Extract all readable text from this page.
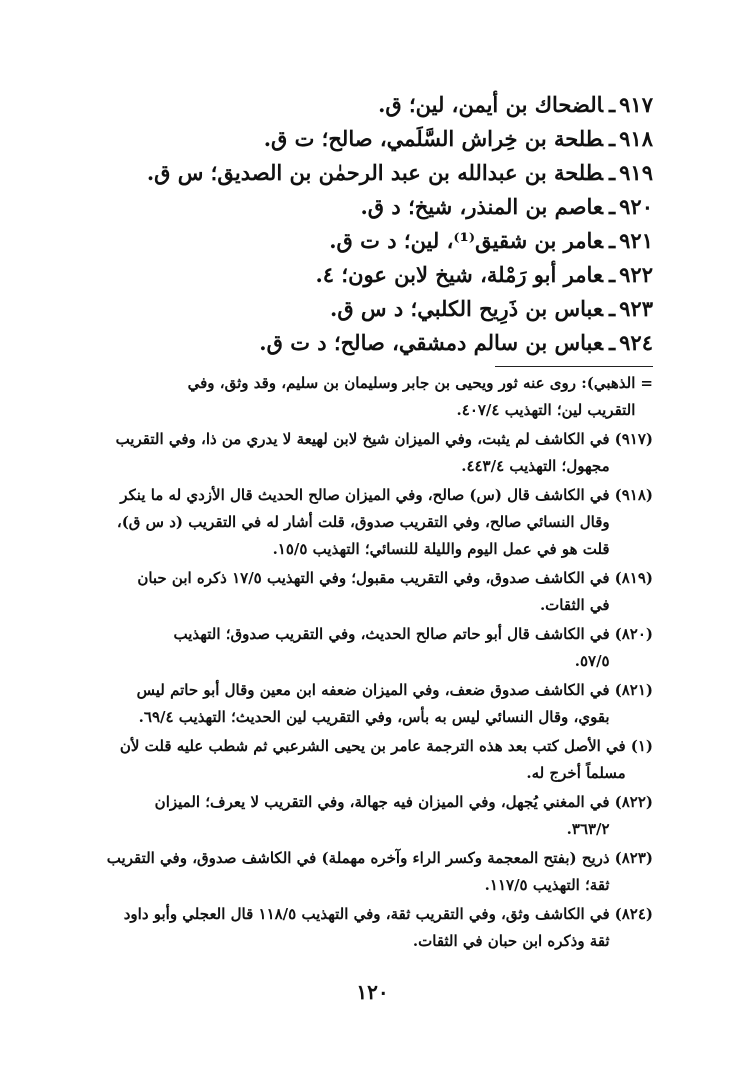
٩١٧ـالضحاك بن أيمن، لين؛ ق.
٩١٨ـطلحة بن خِراش السَّلَمي، صالح؛ ت ق.
٩١٩ـطلحة بن عبدالله بن عبد الرحمٰن بن الصديق؛ س ق.
٩٢٠ـعاصم بن المنذر، شيخ؛ د ق.
٩٢١ـعامر بن شقيق⁽¹⁾، لين؛ د ت ق.
٩٢٢ـعامر أبو رَمْلة، شيخ لابن عون؛ ٤.
٩٢٣ـعباس بن ذَرِيح الكلبي؛ د س ق.
٩٢٤ـعباس بن سالم دمشقي، صالح؛ د ت ق.
=
الذهبي): روى عنه ثور ويحيى بن جابر وسليمان بن سليم، وقد وثق، وفي
التقريب لين؛ التهذيب ٤٠٧/٤.
(٩١٧)
في الكاشف لم يثبت، وفي الميزان شيخ لابن لهيعة لا يدري من ذا، وفي التقريب
مجهول؛ التهذيب ٤٤٣/٤.
(٩١٨)
في الكاشف قال (س) صالح، وفي الميزان صالح الحديث قال الأزدي له ما ينكر
وقال النسائي صالح، وفي التقريب صدوق، قلت أشار له في التقريب (د س ق)،
قلت هو في عمل اليوم والليلة للنسائي؛ التهذيب ١٥/٥.
(٨١٩)
في الكاشف صدوق، وفي التقريب مقبول؛ وفي التهذيب ١٧/٥ ذكره ابن حبان
في الثقات.
(٨٢٠)
في الكاشف قال أبو حاتم صالح الحديث، وفي التقريب صدوق؛ التهذيب
٥٧/٥.
(٨٢١)
في الكاشف صدوق ضعف، وفي الميزان ضعفه ابن معين وقال أبو حاتم ليس
بقوي، وقال النسائي ليس به بأس، وفي التقريب لين الحديث؛ التهذيب ٦٩/٤.
(١)
في الأصل كتب بعد هذه الترجمة عامر بن يحيى الشرعبي ثم شطب عليه قلت لأن
مسلماً أخرج له.
(٨٢٢)
في المغني يُجهل، وفي الميزان فيه جهالة، وفي التقريب لا يعرف؛ الميزان
٣٦٣/٢.
(٨٢٣)
ذريح (بفتح المعجمة وكسر الراء وآخره مهملة) في الكاشف صدوق، وفي التقريب
ثقة؛ التهذيب ١١٧/٥.
(٨٢٤)
في الكاشف وثق، وفي التقريب ثقة، وفي التهذيب ١١٨/٥ قال العجلي وأبو داود
ثقة وذكره ابن حبان في الثقات.
١٢٠
